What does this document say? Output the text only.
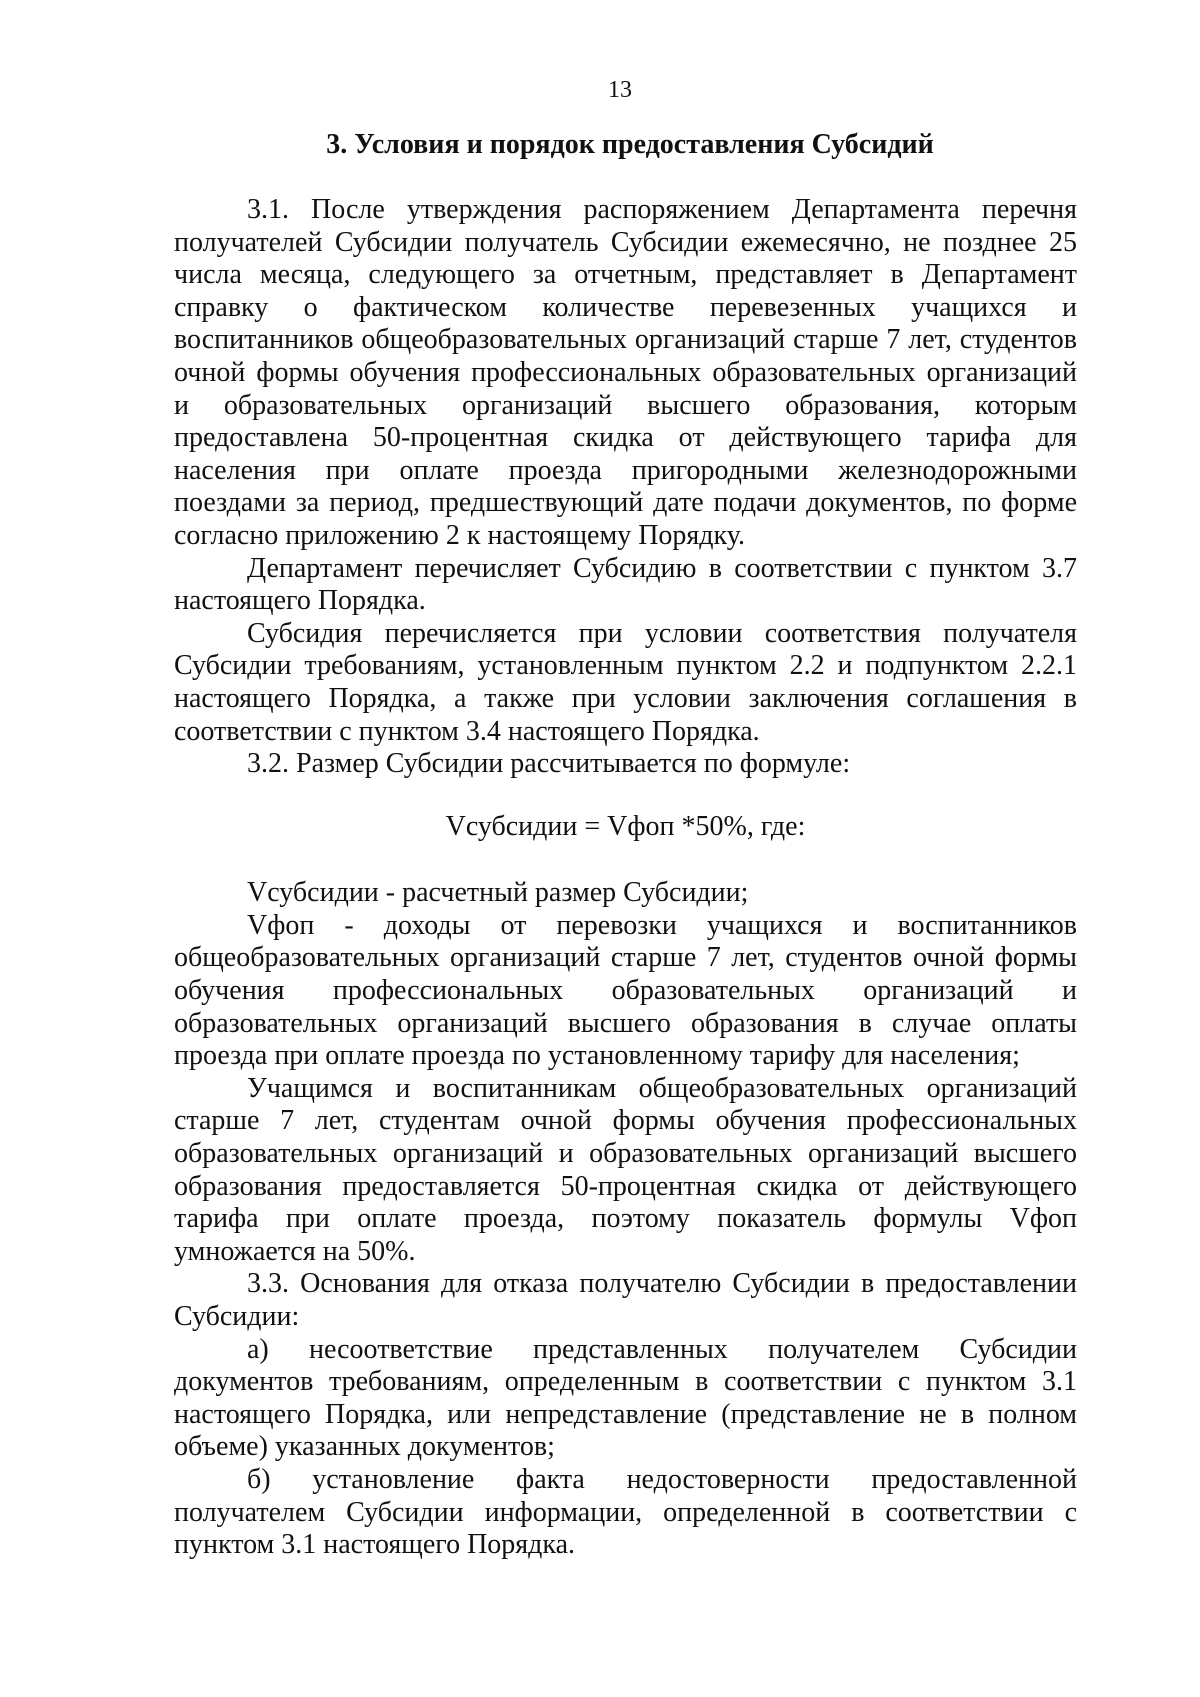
13
3. Условия и порядок предоставления Субсидий

3.1. После утверждения распоряжением Департамента перечня получателей Субсидии получатель Субсидии ежемесячно, не позднее 25 числа месяца, следующего за отчетным, представляет в Департамент справку о фактическом количестве перевезенных учащихся и воспитанников общеобразовательных организаций старше 7 лет, студентов очной формы обучения профессиональных образовательных организаций и образовательных организаций высшего образования, которым предоставлена 50-процентная скидка от действующего тарифа для населения при оплате проезда пригородными железнодорожными поездами за период, предшествующий дате подачи документов, по форме согласно приложению 2 к настоящему Порядку.

Департамент перечисляет Субсидию в соответствии с пунктом 3.7 настоящего Порядка.

Субсидия перечисляется при условии соответствия получателя Субсидии требованиям, установленным пунктом 2.2 и подпунктом 2.2.1 настоящего Порядка, а также при условии заключения соглашения в соответствии с пунктом 3.4 настоящего Порядка.

3.2. Размер Субсидии рассчитывается по формуле:

Vсубсидии = Vфоп *50%, где:

Vсубсидии - расчетный размер Субсидии;

Vфоп - доходы от перевозки учащихся и воспитанников общеобразовательных организаций старше 7 лет, студентов очной формы обучения профессиональных образовательных организаций и образовательных организаций высшего образования в случае оплаты проезда при оплате проезда по установленному тарифу для населения;

Учащимся и воспитанникам общеобразовательных организаций старше 7 лет, студентам очной формы обучения профессиональных образовательных организаций и образовательных организаций высшего образования предоставляется 50-процентная скидка от действующего тарифа при оплате проезда, поэтому показатель формулы Vфоп умножается на 50%.

3.3. Основания для отказа получателю Субсидии в предоставлении Субсидии:

а) несоответствие представленных получателем Субсидии документов требованиям, определенным в соответствии с пунктом 3.1 настоящего Порядка, или непредставление (представление не в полном объеме) указанных документов;

б) установление факта недостоверности предоставленной получателем Субсидии информации, определенной в соответствии с пунктом 3.1 настоящего Порядка.
